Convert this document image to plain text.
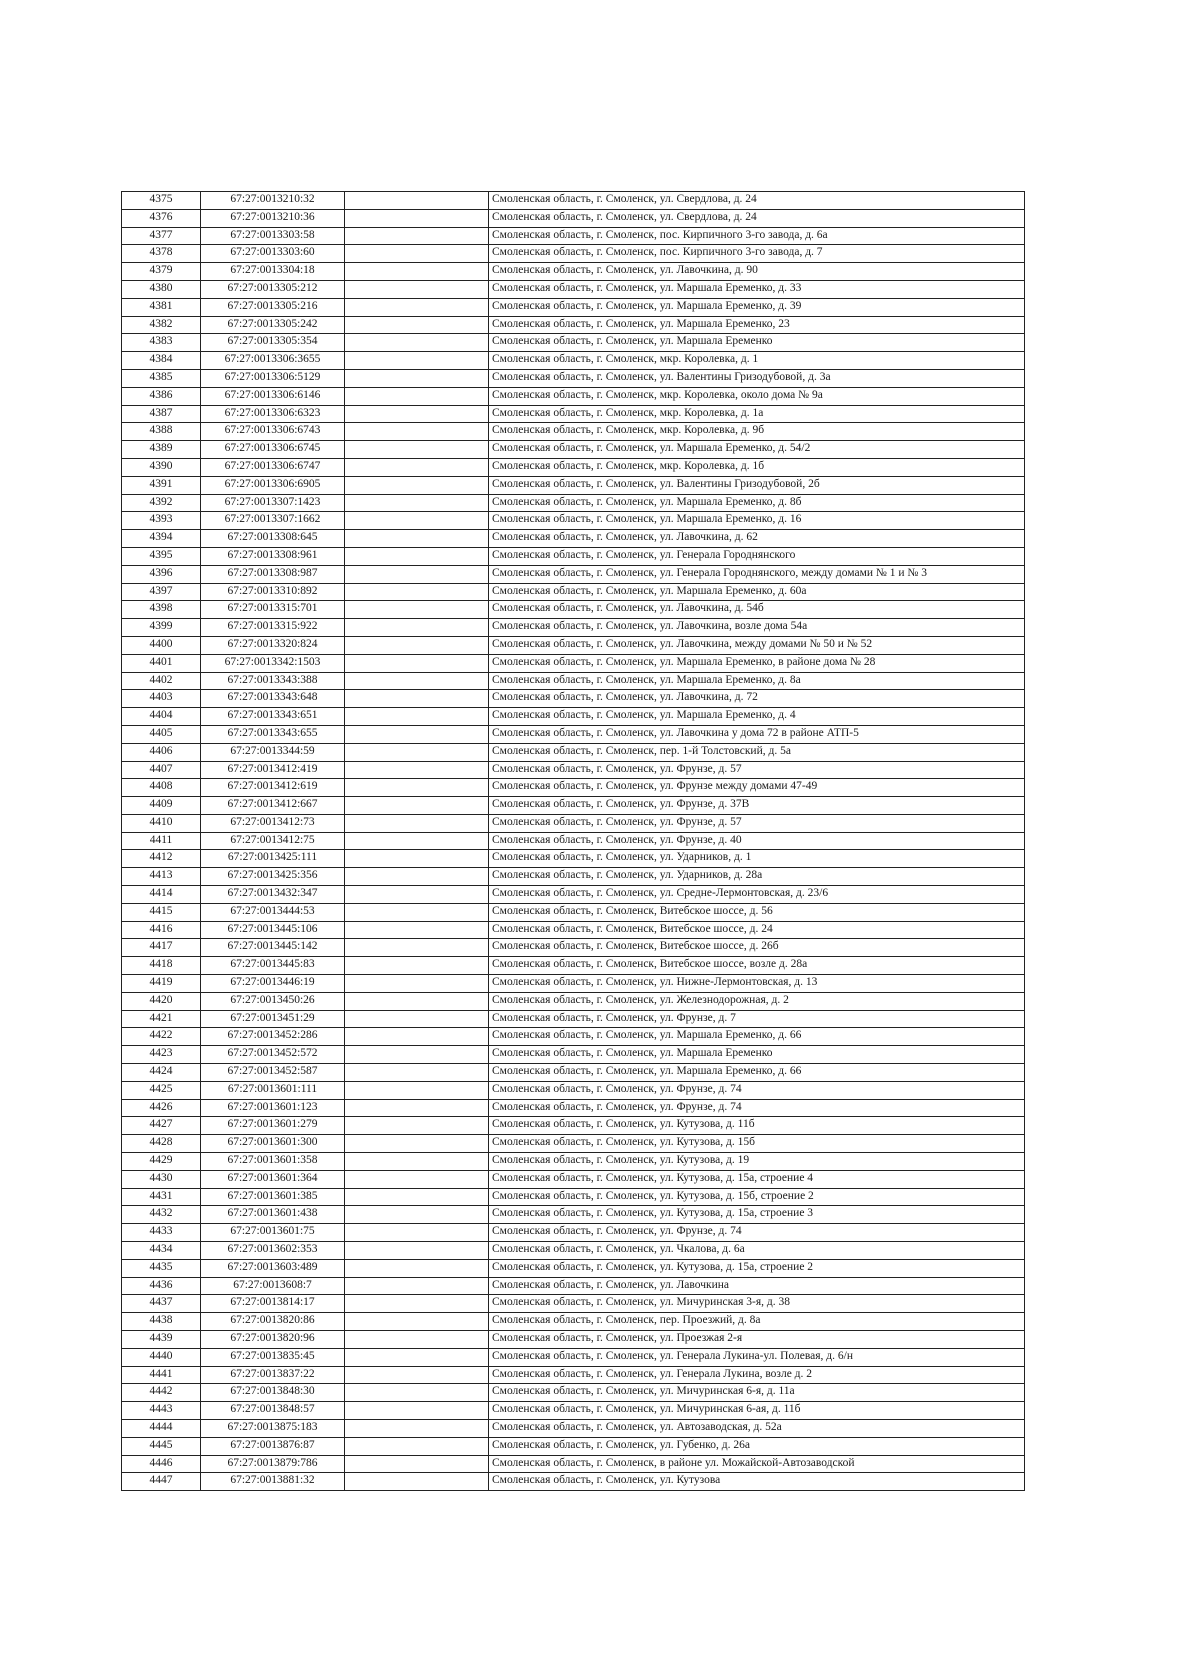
4375	67:27:0013210:32		Смоленская область, г. Смоленск, ул. Свердлова, д. 24
4376	67:27:0013210:36		Смоленская область, г. Смоленск, ул. Свердлова, д. 24
4377	67:27:0013303:58		Смоленская область, г. Смоленск, пос. Кирпичного 3-го завода, д. 6а
4378	67:27:0013303:60		Смоленская область, г. Смоленск, пос. Кирпичного 3-го завода, д. 7
4379	67:27:0013304:18		Смоленская область, г. Смоленск, ул. Лавочкина, д. 90
4380	67:27:0013305:212		Смоленская область, г. Смоленск, ул. Маршала Еременко, д. 33
4381	67:27:0013305:216		Смоленская область, г. Смоленск, ул. Маршала Еременко, д. 39
4382	67:27:0013305:242		Смоленская область, г. Смоленск, ул. Маршала Еременко, 23
4383	67:27:0013305:354		Смоленская область, г. Смоленск, ул. Маршала Еременко
4384	67:27:0013306:3655		Смоленская область, г. Смоленск, мкр. Королевка, д. 1
4385	67:27:0013306:5129		Смоленская область, г. Смоленск, ул. Валентины Гризодубовой, д. 3а
4386	67:27:0013306:6146		Смоленская область, г. Смоленск, мкр. Королевка, около дома № 9а
4387	67:27:0013306:6323		Смоленская область, г. Смоленск, мкр. Королевка, д. 1а
4388	67:27:0013306:6743		Смоленская область, г. Смоленск, мкр. Королевка, д. 9б
4389	67:27:0013306:6745		Смоленская область, г. Смоленск, ул. Маршала Еременко, д. 54/2
4390	67:27:0013306:6747		Смоленская область, г. Смоленск, мкр. Королевка, д. 1б
4391	67:27:0013306:6905		Смоленская область, г. Смоленск, ул. Валентины Гризодубовой, 2б
4392	67:27:0013307:1423		Смоленская область, г. Смоленск, ул. Маршала Еременко, д. 8б
4393	67:27:0013307:1662		Смоленская область, г. Смоленск, ул. Маршала Еременко, д. 16
4394	67:27:0013308:645		Смоленская область, г. Смоленск, ул. Лавочкина, д. 62
4395	67:27:0013308:961		Смоленская область, г. Смоленск, ул. Генерала Городнянского
4396	67:27:0013308:987		Смоленская область, г. Смоленск, ул. Генерала Городнянского, между домами № 1 и № 3
4397	67:27:0013310:892		Смоленская область, г. Смоленск, ул. Маршала Еременко, д. 60а
4398	67:27:0013315:701		Смоленская область, г. Смоленск, ул. Лавочкина, д. 54б
4399	67:27:0013315:922		Смоленская область, г. Смоленск, ул. Лавочкина, возле дома 54а
4400	67:27:0013320:824		Смоленская область, г. Смоленск, ул. Лавочкина, между домами № 50 и № 52
4401	67:27:0013342:1503		Смоленская область, г. Смоленск, ул. Маршала Еременко, в районе дома № 28
4402	67:27:0013343:388		Смоленская область, г. Смоленск, ул. Маршала Еременко, д. 8а
4403	67:27:0013343:648		Смоленская область, г. Смоленск, ул. Лавочкина, д. 72
4404	67:27:0013343:651		Смоленская область, г. Смоленск, ул. Маршала Еременко, д. 4
4405	67:27:0013343:655		Смоленская область, г. Смоленск, ул. Лавочкина у дома 72 в районе АТП-5
4406	67:27:0013344:59		Смоленская область, г. Смоленск, пер. 1-й Толстовский, д. 5а
4407	67:27:0013412:419		Смоленская область, г. Смоленск, ул. Фрунзе, д. 57
4408	67:27:0013412:619		Смоленская область, г. Смоленск, ул. Фрунзе между домами 47-49
4409	67:27:0013412:667		Смоленская область, г. Смоленск, ул. Фрунзе, д. 37В
4410	67:27:0013412:73		Смоленская область, г. Смоленск, ул. Фрунзе, д. 57
4411	67:27:0013412:75		Смоленская область, г. Смоленск, ул. Фрунзе, д. 40
4412	67:27:0013425:111		Смоленская область, г. Смоленск, ул. Ударников, д. 1
4413	67:27:0013425:356		Смоленская область, г. Смоленск, ул. Ударников, д. 28а
4414	67:27:0013432:347		Смоленская область, г. Смоленск, ул. Средне-Лермонтовская, д. 23/6
4415	67:27:0013444:53		Смоленская область, г. Смоленск, Витебское шоссе, д. 56
4416	67:27:0013445:106		Смоленская область, г. Смоленск, Витебское шоссе, д. 24
4417	67:27:0013445:142		Смоленская область, г. Смоленск, Витебское шоссе, д. 26б
4418	67:27:0013445:83		Смоленская область, г. Смоленск, Витебское шоссе, возле д. 28а
4419	67:27:0013446:19		Смоленская область, г. Смоленск, ул. Нижне-Лермонтовская, д. 13
4420	67:27:0013450:26		Смоленская область, г. Смоленск, ул. Железнодорожная, д. 2
4421	67:27:0013451:29		Смоленская область, г. Смоленск, ул. Фрунзе, д. 7
4422	67:27:0013452:286		Смоленская область, г. Смоленск, ул. Маршала Еременко, д. 66
4423	67:27:0013452:572		Смоленская область, г. Смоленск, ул. Маршала Еременко
4424	67:27:0013452:587		Смоленская область, г. Смоленск, ул. Маршала Еременко, д. 66
4425	67:27:0013601:111		Смоленская область, г. Смоленск, ул. Фрунзе, д. 74
4426	67:27:0013601:123		Смоленская область, г. Смоленск, ул. Фрунзе, д. 74
4427	67:27:0013601:279		Смоленская область, г. Смоленск, ул. Кутузова, д. 11б
4428	67:27:0013601:300		Смоленская область, г. Смоленск, ул. Кутузова, д. 15б
4429	67:27:0013601:358		Смоленская область, г. Смоленск, ул. Кутузова, д. 19
4430	67:27:0013601:364		Смоленская область, г. Смоленск, ул. Кутузова, д. 15а, строение 4
4431	67:27:0013601:385		Смоленская область, г. Смоленск, ул. Кутузова, д. 15б, строение 2
4432	67:27:0013601:438		Смоленская область, г. Смоленск, ул. Кутузова, д. 15а, строение 3
4433	67:27:0013601:75		Смоленская область, г. Смоленск, ул. Фрунзе, д. 74
4434	67:27:0013602:353		Смоленская область, г. Смоленск, ул. Чкалова, д. 6а
4435	67:27:0013603:489		Смоленская область, г. Смоленск, ул. Кутузова, д. 15а, строение 2
4436	67:27:0013608:7		Смоленская область, г. Смоленск, ул. Лавочкина
4437	67:27:0013814:17		Смоленская область, г. Смоленск, ул. Мичуринская 3-я, д. 38
4438	67:27:0013820:86		Смоленская область, г. Смоленск, пер. Проезжий, д. 8а
4439	67:27:0013820:96		Смоленская область, г. Смоленск, ул. Проезжая 2-я
4440	67:27:0013835:45		Смоленская область, г. Смоленск, ул. Генерала Лукина-ул. Полевая, д. 6/н
4441	67:27:0013837:22		Смоленская область, г. Смоленск, ул. Генерала Лукина, возле д. 2
4442	67:27:0013848:30		Смоленская область, г. Смоленск, ул. Мичуринская 6-я, д. 11а
4443	67:27:0013848:57		Смоленская область, г. Смоленск, ул. Мичуринская 6-ая, д. 11б
4444	67:27:0013875:183		Смоленская область, г. Смоленск, ул. Автозаводская, д. 52а
4445	67:27:0013876:87		Смоленская область, г. Смоленск, ул. Губенко, д. 26а
4446	67:27:0013879:786		Смоленская область, г. Смоленск, в районе ул. Можайской-Автозаводской
4447	67:27:0013881:32		Смоленская область, г. Смоленск, ул. Кутузова
